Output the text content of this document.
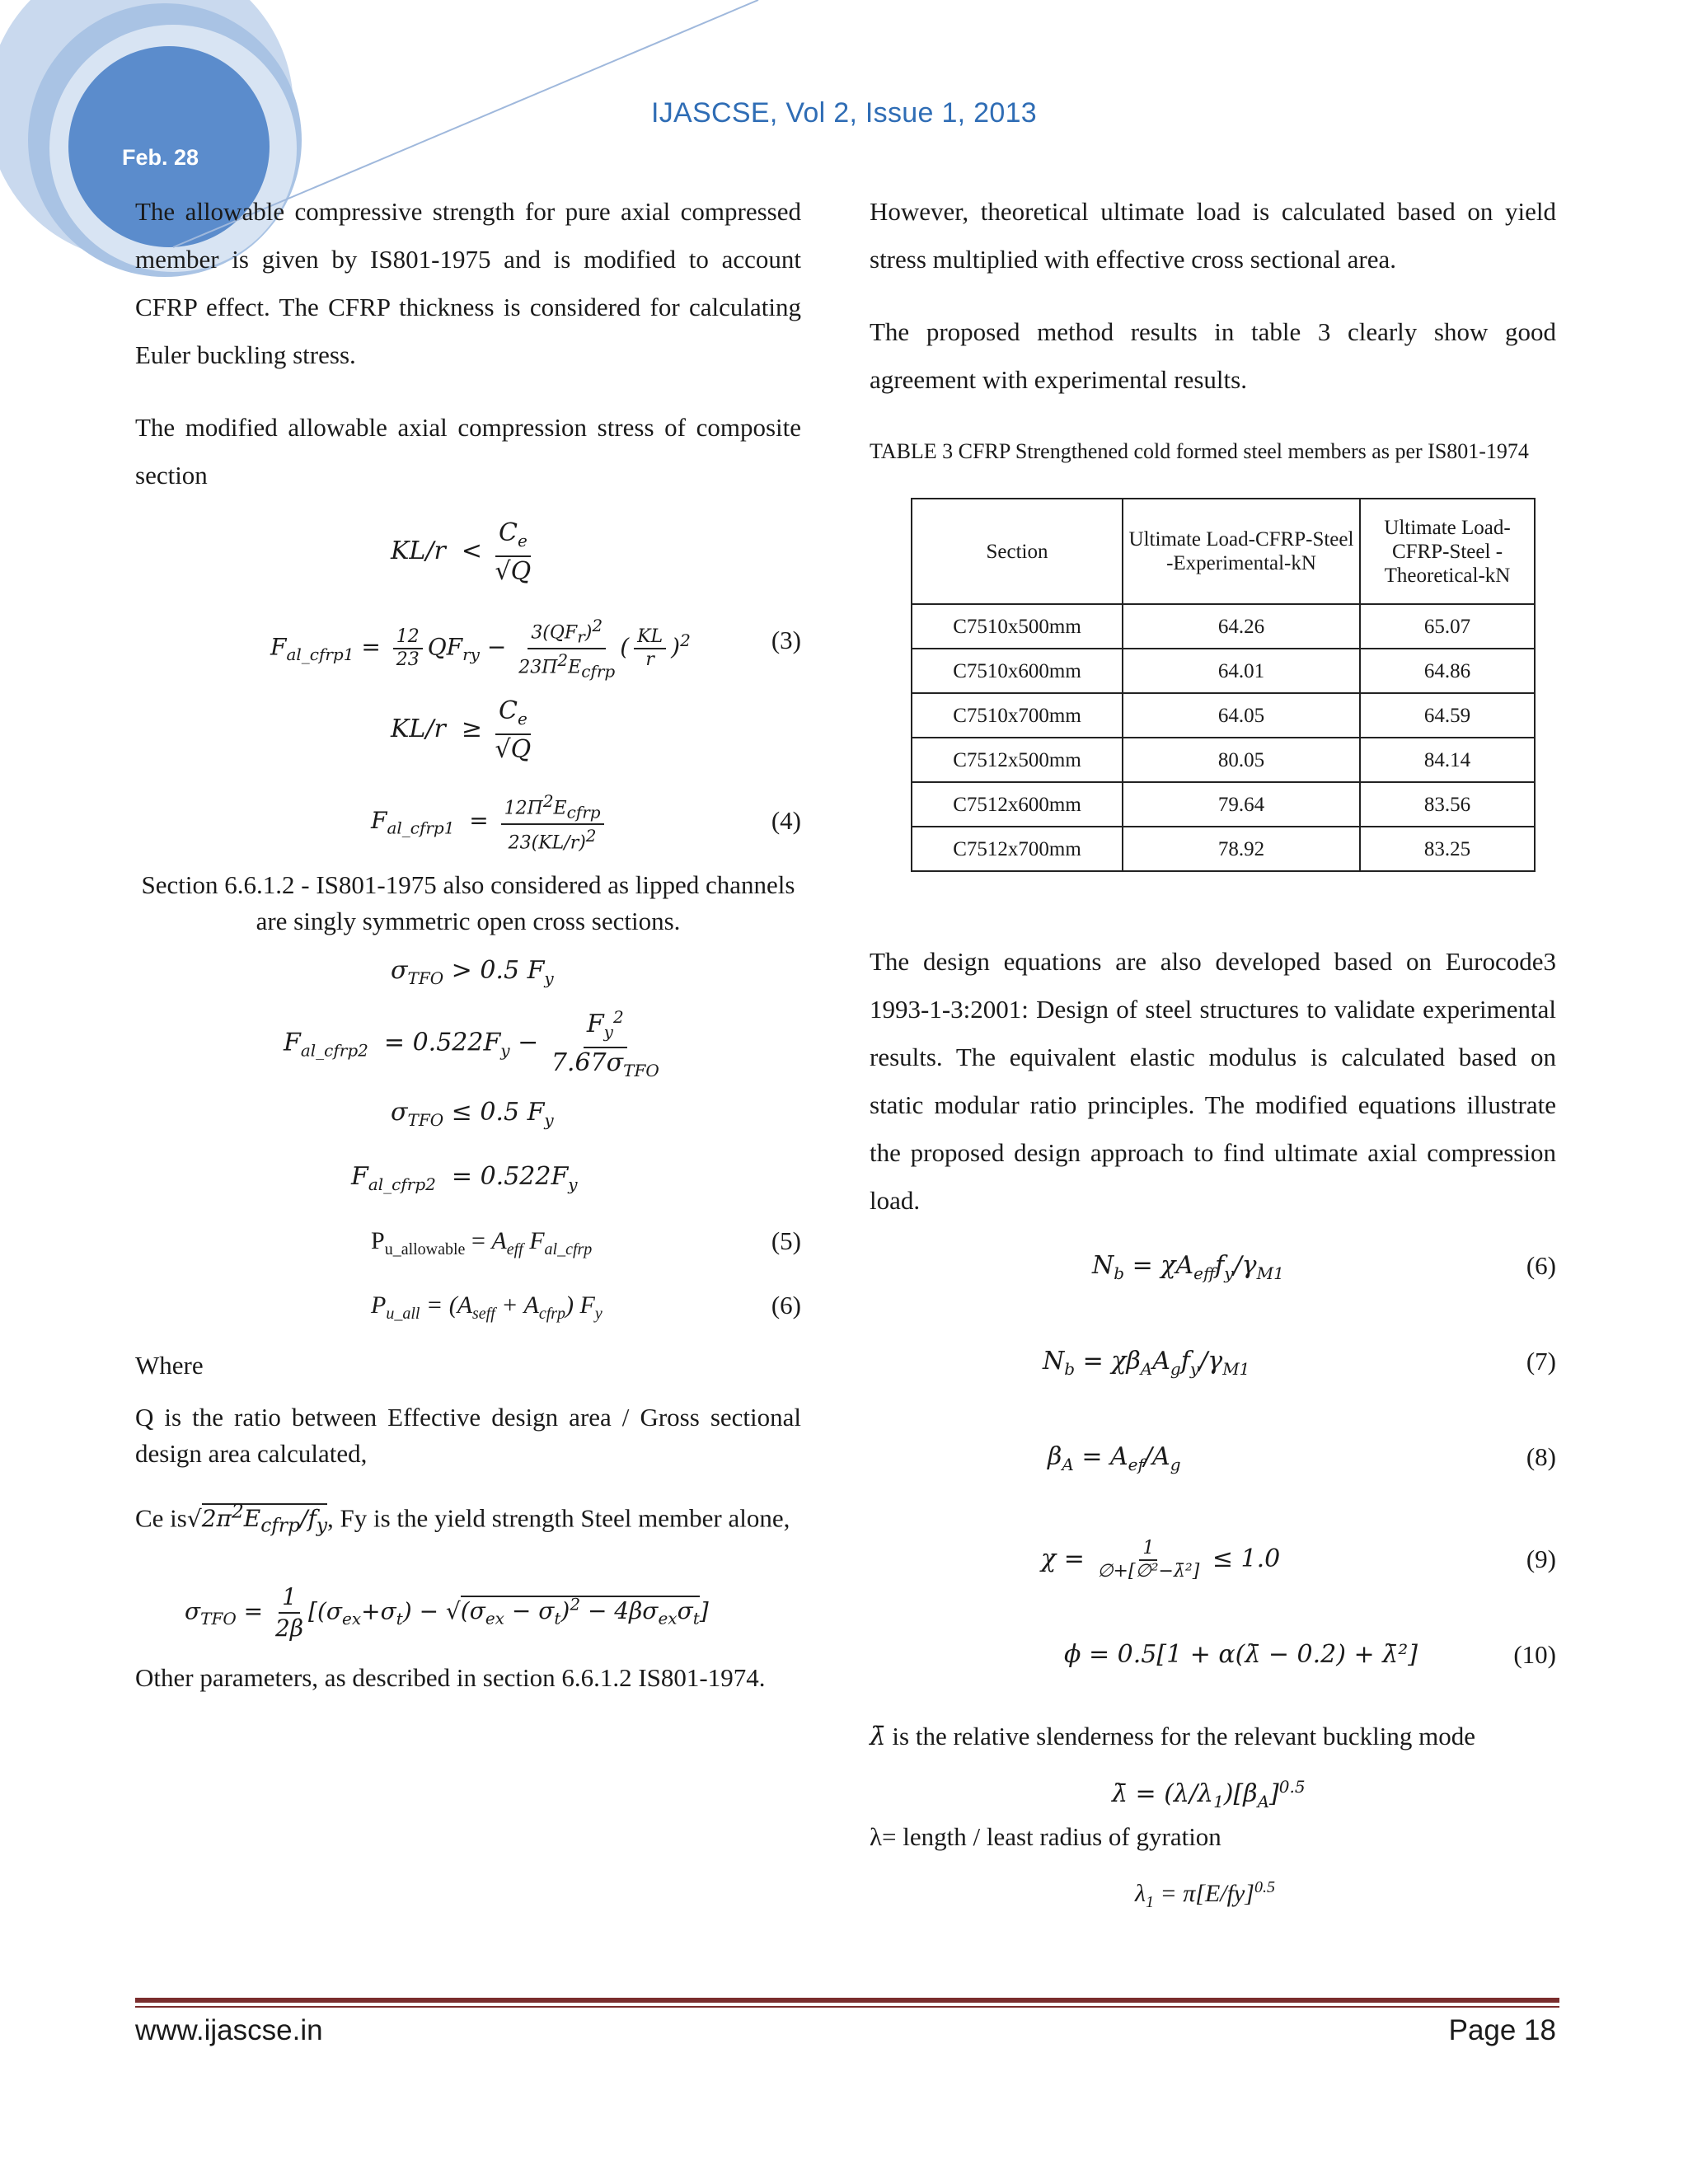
IJASCSE, Vol 2, Issue 1, 2013
Feb. 28

The allowable compressive strength for pure axial compressed member is given by IS801-1975 and is modified to account CFRP effect. The CFRP thickness is considered for calculating Euler buckling stress.

The modified allowable axial compression stress of composite section

$KL/r < \frac{C_e}{√Q}$
$F_{al\_cfrp1} = \frac{12}{23} QF_{ry} - \frac{3(QF_r)^2}{23\Pi^2E_{cfrp}}$ ( $\frac{KL}{r} )^2$	(3)
$KL/r \ge \frac{C_e}{√Q}$
$F_{al\_cfrp1} = \frac{12\Pi^2E_{cfrp}}{23(KL/r)^2}$	(4)

Section 6.6.1.2 - IS801-1975 also considered as lipped channels are singly symmetric open cross sections.

$\sigma_{TFO} > 0.5$ $F_y$
$F_{al\_cfrp2} = 0.522F_y - \frac{F_y^2}{7.67\sigma_{TFO}}$
$\sigma_{TFO} \le 0.5$ $F_y$
$F_{al\_cfrp2} = 0.522F_y$
$P_{u\_allowable} = A_{eff}$ $F_{al\_cfrp}$	(5)
$P_{u\_all} = (A_{seff} + A_{cfrp})$ $F_y$	(6)

Where

Q is the ratio between Effective design area / Gross sectional design area calculated,

Ce $is√2\pi^2E_{cfrp}/f_y$, Fy is the yield strength Steel member alone,

$\sigma_{TFO} = \frac{1}{2\beta} [(\sigma_{ex}+\sigma_t) - √(\sigma_{ex} - \sigma_t)^2 - 4\beta\sigma_{ex}\sigma_t]$

Other parameters, as described in section 6.6.1.2 IS801-1974.

However, theoretical ultimate load is calculated based on yield stress multiplied with effective cross sectional area.

The proposed method results in table 3 clearly show good agreement with experimental results.

TABLE 3 CFRP Strengthened cold formed steel members as per IS801-1974

Section	Ultimate Load-CFRP-Steel -Experimental-kN	Ultimate Load-CFRP-Steel -Theoretical-kN
C7510x500mm	64.26	65.07
C7510x600mm	64.01	64.86
C7510x700mm	64.05	64.59
C7512x500mm	80.05	84.14
C7512x600mm	79.64	83.56
C7512x700mm	78.92	83.25

The design equations are also developed based on Eurocode3 1993-1-3:2001: Design of steel structures to validate experimental results. The equivalent elastic modulus is calculated based on static modular ratio principles. The modified equations illustrate the proposed design approach to find ultimate axial compression load.

$N_b = \chi A_{eff}f_y/\gamma_{M1}$	(6)
$N_b = \chi\beta_AA_gf_y/\gamma_{M1}$	(7)
$\beta_A = A_{ef}/A_g$	(8)
$\chi = \frac{1}{\text{∅+[∅²−λ̄²]}} \le 1.0$	(9)
ϕ = 0.5[1 + α(λ̄ − 0.2) + λ̄²]	(10)

λ̄ is the relative slenderness for the relevant buckling mode

λ̄ = $(\lambda/\lambda_1)[\beta_A]^{0.5}$

λ= length / least radius of gyration

$\lambda_1 = \pi[E/fy]^{0.5}$
www.ijascse.in	Page 18
